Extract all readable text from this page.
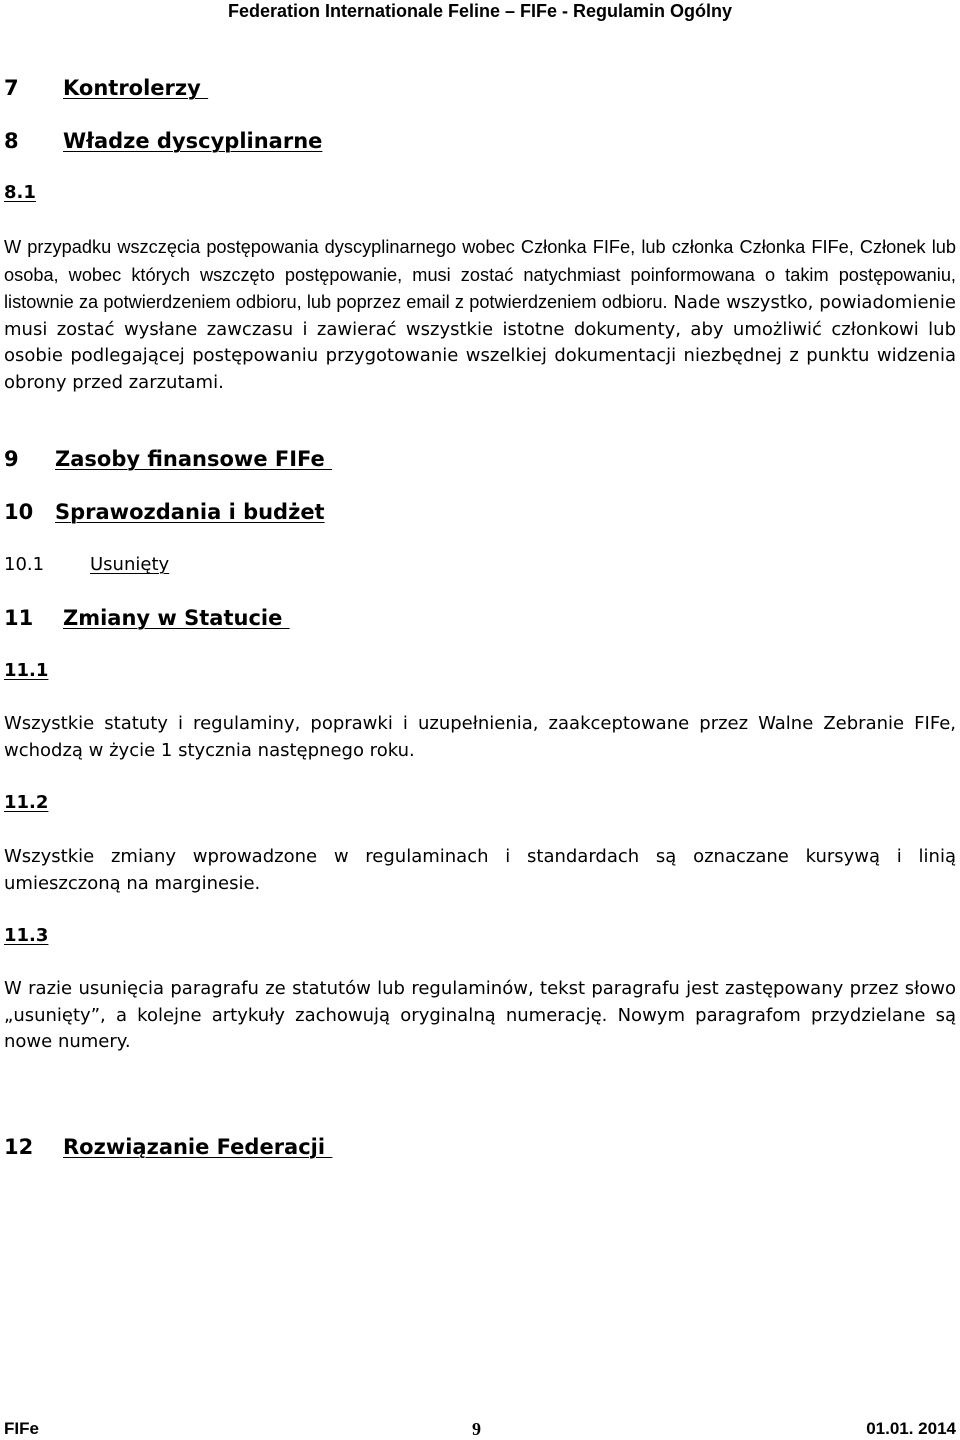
Federation Internationale Feline – FIFe - Regulamin Ogólny
7 Kontrolerzy
8 Władze dyscyplinarne
8.1
W przypadku wszczęcia postępowania dyscyplinarnego wobec Członka FIFe, lub członka Członka FIFe, Członek lub osoba, wobec których wszczęto postępowanie, musi zostać natychmiast poinformowana o takim postępowaniu, listownie za potwierdzeniem odbioru, lub poprzez email z potwierdzeniem odbioru. Nade wszystko, powiadomienie musi zostać wysłane zawczasu i zawierać wszystkie istotne dokumenty, aby umożliwić członkowi lub osobie podlegającej postępowaniu przygotowanie wszelkiej dokumentacji niezbędnej z punktu widzenia obrony przed zarzutami.
9 Zasoby finansowe FIFe
10 Sprawozdania i budżet
10.1	Usunięty
11 Zmiany w Statucie
11.1
Wszystkie statuty i regulaminy, poprawki i uzupełnienia, zaakceptowane przez Walne Zebranie FIFe, wchodzą w życie 1 stycznia następnego roku.
11.2
Wszystkie zmiany wprowadzone w regulaminach i standardach są oznaczane kursywą i linią umieszczoną na marginesie.
11.3
W razie usunięcia paragrafu ze statutów lub regulaminów, tekst paragrafu jest zastępowany przez słowo „usunięty”, a kolejne artykuły zachowują oryginalną numerację. Nowym paragrafom przydzielane są nowe numery.
12 Rozwiązanie Federacji
FIFe	9	01.01. 2014
